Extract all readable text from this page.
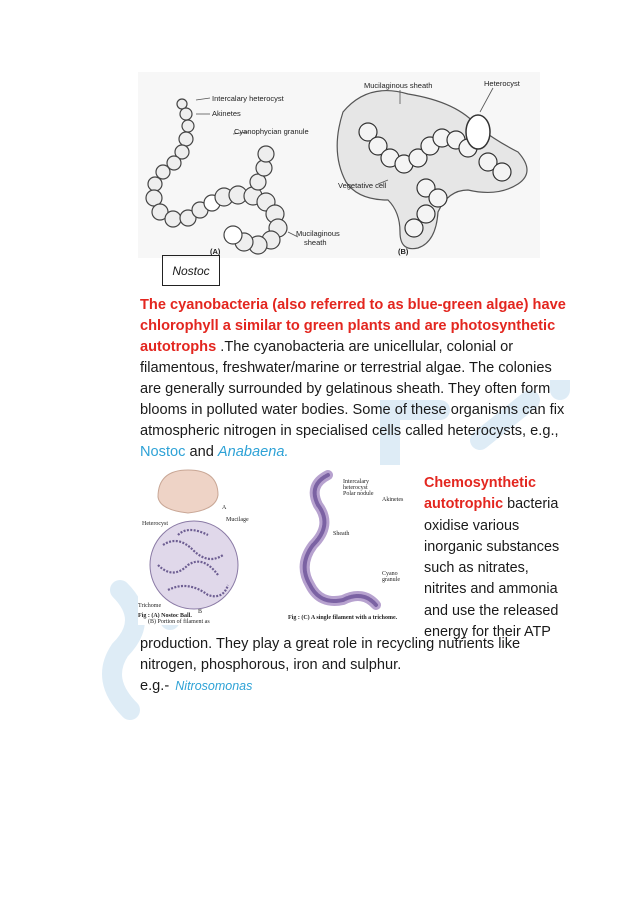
Intercalary heterocyst
Akinetes
Cyanophycian granule
Mucilaginous
sheath
(A)
Mucilaginous sheath	Heterocyst
Vegetative cell
(B)
Nostoc
The cyanobacteria (also referred to as blue-green algae) have chlorophyll a similar to green plants and are photosynthetic autotrophs .The cyanobacteria are unicellular, colonial or filamentous, freshwater/marine or terrestrial algae. The colonies are generally surrounded by gelatinous sheath. They often form blooms in polluted water bodies. Some of these organisms can fix atmospheric nitrogen in specialised cells called heterocysts, e.g., Nostoc and Anabaena.
A
Heterocyst
Mucilage
Trichome
B
Fig : (A) Nostoc Ball.
(B) Portion of filament as
Intercalary
heterocyst
Polar nodule
Akinetes
Sheath
Cyano
granule
Fig : (C) A single filament with a trichome.
Chemosynthetic autotrophic bacteria oxidise various inorganic substances such as nitrates, nitrites and ammonia and use the released energy for their ATP
production. They play a great role in recycling nutrients like nitrogen, phosphorous, iron and sulphur.
e.g.- Nitrosomonas
